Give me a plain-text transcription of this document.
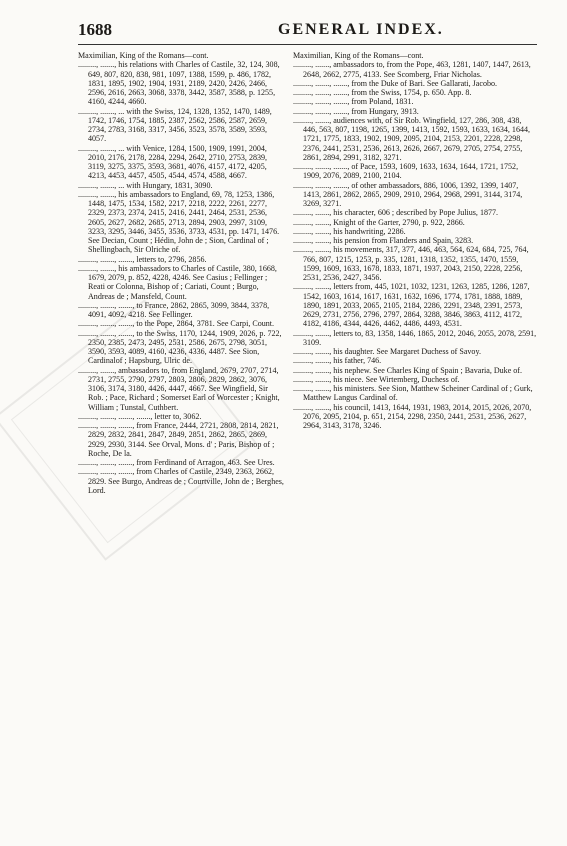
1688	GENERAL INDEX.

Maximilian, King of the Romans—cont.

........., ......., his relations with Charles of Castile, 32, 124, 308, 649, 807, 820, 838, 981, 1097, 1388, 1599, p. 486, 1782, 1831, 1895, 1902, 1904, 1931, 2189, 2420, 2426, 2466, 2596, 2616, 2663, 3068, 3378, 3442, 3587, 3588, p. 1255, 4160, 4244, 4660.

........., ......., ... with the Swiss, 124, 1328, 1352, 1470, 1489, 1742, 1746, 1754, 1885, 2387, 2562, 2586, 2587, 2659, 2734, 2783, 3168, 3317, 3456, 3523, 3578, 3589, 3593, 4057.

........., ......., ... with Venice, 1284, 1500, 1909, 1991, 2004, 2010, 2176, 2178, 2284, 2294, 2642, 2710, 2753, 2839, 3119, 3275, 3375, 3593, 3681, 4076, 4157, 4172, 4205, 4213, 4453, 4457, 4505, 4544, 4574, 4588, 4667.

........., ......., ... with Hungary, 1831, 3090.

........., ......., his ambassadors to England, 69, 78, 1253, 1386, 1448, 1475, 1534, 1582, 2217, 2218, 2222, 2261, 2277, 2329, 2373, 2374, 2415, 2416, 2441, 2464, 2531, 2536, 2605, 2627, 2682, 2685, 2713, 2894, 2903, 2997, 3109, 3233, 3295, 3446, 3455, 3536, 3733, 4531, pp. 1471, 1476. See Decian, Count ; Hédin, John de ; Sion, Cardinal of ; Shellingbach, Sir Olriche of.

........., ......., ......., letters to, 2796, 2856.

........., ......., his ambassadors to Charles of Castile, 380, 1668, 1679, 2079, p. 852, 4228, 4246. See Casius ; Fellinger ; Reati or Colonna, Bishop of ; Cariati, Count ; Burgo, Andreas de ; Mansfeld, Count.

........., ......., ......., to France, 2862, 2865, 3099, 3844, 3378, 4091, 4092, 4218. See Fellinger.

........., ......., ......., to the Pope, 2864, 3781. See Carpi, Count.

........., ......., ......., to the Swiss, 1170, 1244, 1909, 2026, p. 722, 2350, 2385, 2473, 2495, 2531, 2586, 2675, 2798, 3051, 3590, 3593, 4089, 4160, 4236, 4336, 4487. See Sion, Cardinalof ; Hapsburg, Ulric de.

........., ......., ambassadors to, from England, 2679, 2707, 2714, 2731, 2755, 2790, 2797, 2803, 2806, 2829, 2862, 3076, 3106, 3174, 3180, 4426, 4447, 4667. See Wingfield, Sir Rob. ; Pace, Richard ; Somerset Earl of Worcester ; Knight, William ; Tunstal, Cuthbert.

........., ......., ......., ......., letter to, 3062.

........., ......., ......., from France, 2444, 2721, 2808, 2814, 2821, 2829, 2832, 2841, 2847, 2849, 2851, 2862, 2865, 2869, 2929, 2930, 3144. See Orval, Mons. d' ; Paris, Bishop of ; Roche, De la.

........., ......., ......., from Ferdinand of Arragon, 463. See Ures.

........., ......., ......., from Charles of Castile, 2349, 2363, 2662, 2829. See Burgo, Andreas de ; Courtville, John de ; Berghes, Lord.

Maximilian, King of the Romans—cont.

........., ......., ambassadors to, from the Pope, 463, 1281, 1407, 1447, 2613, 2648, 2662, 2775, 4133. See Scomberg, Friar Nicholas.

........., ......., ......., from the Duke of Bari. See Gallarati, Jacobo.

........., ......., ......., from the Swiss, 1754, p. 650. App. 8.

........., ......., ......., from Poland, 1831.

........., ......., ......., from Hungary, 3913.

........., ......., audiences with, of Sir Rob. Wingfield, 127, 286, 308, 438, 446, 563, 807, 1198, 1265, 1399, 1413, 1592, 1593, 1633, 1634, 1644, 1721, 1775, 1833, 1902, 1909, 2095, 2104, 2153, 2201, 2228, 2298, 2376, 2441, 2531, 2536, 2613, 2626, 2667, 2679, 2705, 2754, 2755, 2861, 2894, 2991, 3182, 3271.

........., ......., ......., of Pace, 1593, 1609, 1633, 1634, 1644, 1721, 1752, 1909, 2076, 2089, 2100, 2104.

........., ......., ......., of other ambassadors, 886, 1006, 1392, 1399, 1407, 1413, 2861, 2862, 2865, 2909, 2910, 2964, 2968, 2991, 3144, 3174, 3269, 3271.

........., ......., his character, 606 ; described by Pope Julius, 1877.

........., ......., Knight of the Garter, 2790, p. 922, 2866.

........., ......., his handwriting, 2286.

........., ......., his pension from Flanders and Spain, 3283.

........., ......., his movements, 317, 377, 446, 463, 564, 624, 684, 725, 764, 766, 807, 1215, 1253, p. 335, 1281, 1318, 1352, 1355, 1470, 1559, 1599, 1609, 1633, 1678, 1833, 1871, 1937, 2043, 2150, 2228, 2256, 2531, 2536, 2427, 3456.

........., ......., letters from, 445, 1021, 1032, 1231, 1263, 1285, 1286, 1287, 1542, 1603, 1614, 1617, 1631, 1632, 1696, 1774, 1781, 1888, 1889, 1890, 1891, 2033, 2065, 2105, 2184, 2286, 2291, 2348, 2391, 2573, 2629, 2731, 2756, 2796, 2797, 2864, 3288, 3846, 3863, 4112, 4172, 4182, 4186, 4344, 4426, 4462, 4486, 4493, 4531.

........., ......., letters to, 83, 1358, 1446, 1865, 2012, 2046, 2055, 2078, 2591, 3109.

........., ......., his daughter. See Margaret Duchess of Savoy.

........., ......., his father, 746.

........., ......., his nephew. See Charles King of Spain ; Bavaria, Duke of.

........., ......., his niece. See Wirtemberg, Duchess of.

........., ......., his ministers. See Sion, Matthew Scheiner Cardinal of ; Gurk, Matthew Langus Cardinal of.

........., ......., his council, 1413, 1644, 1931, 1983, 2014, 2015, 2026, 2070, 2076, 2095, 2104, p. 651, 2154, 2298, 2350, 2441, 2531, 2536, 2627, 2964, 3143, 3178, 3246.
